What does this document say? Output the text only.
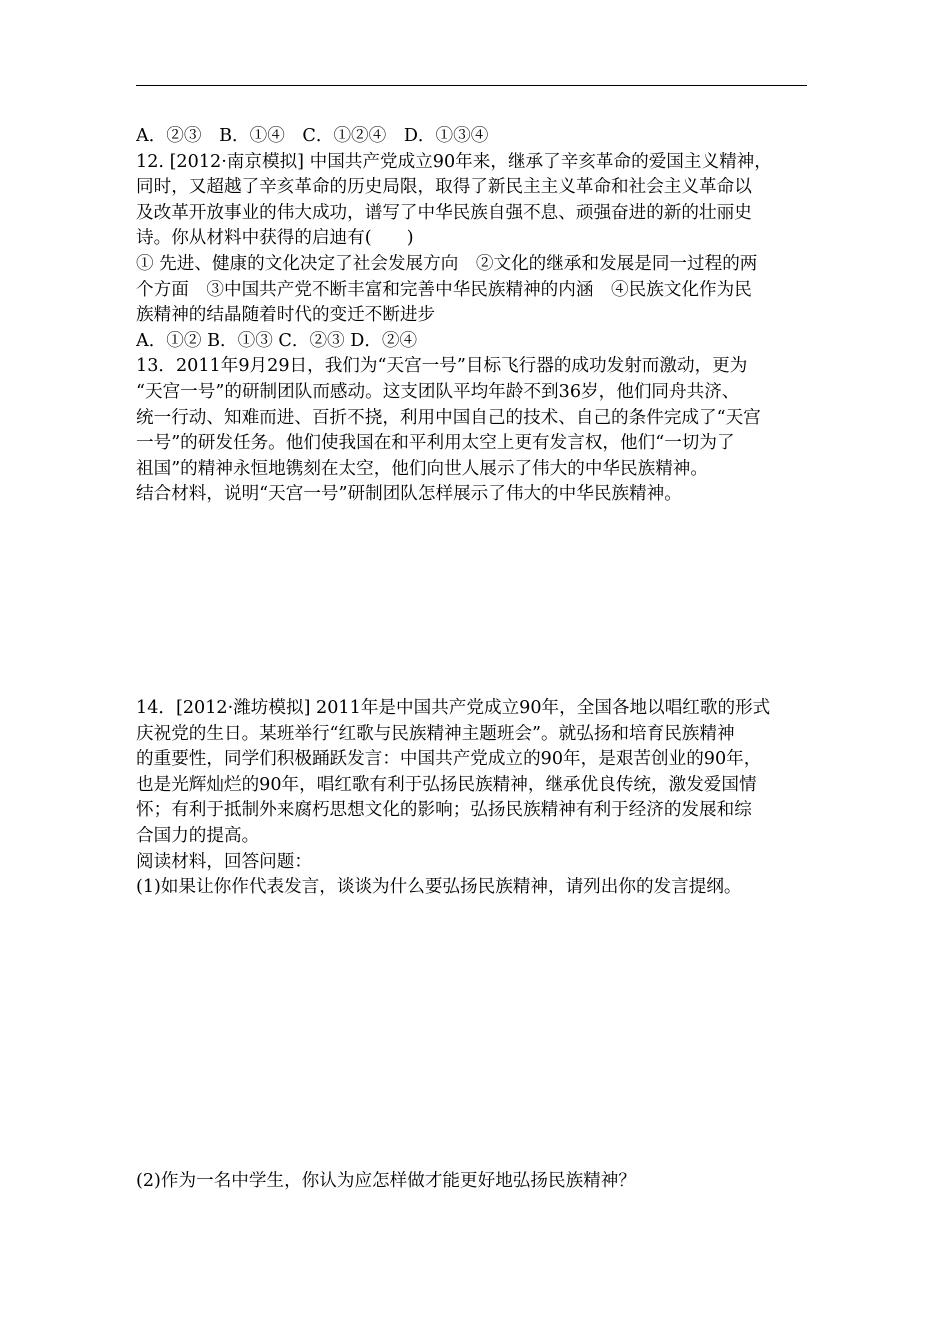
A．②③　B．①④　C．①②④　D．①③④
12. [2012·南京模拟] 中国共产党成立90年来，继承了辛亥革命的爱国主义精神，
同时，又超越了辛亥革命的历史局限，取得了新民主主义革命和社会主义革命以
及改革开放事业的伟大成功，谱写了中华民族自强不息、顽强奋进的新的壮丽史
诗。你从材料中获得的启迪有(　　)
① 先进、健康的文化决定了社会发展方向　②文化的继承和发展是同一过程的两
个方面　③中国共产党不断丰富和完善中华民族精神的内涵　④民族文化作为民
族精神的结晶随着时代的变迁不断进步
A．①② B．①③ C．②③ D．②④
13．2011年9月29日，我们为“天宫一号”目标飞行器的成功发射而激动，更为
“天宫一号”的研制团队而感动。这支团队平均年龄不到36岁，他们同舟共济、
统一行动、知难而进、百折不挠，利用中国自己的技术、自己的条件完成了“天宫
一号”的研发任务。他们使我国在和平利用太空上更有发言权，他们“一切为了
祖国”的精神永恒地镌刻在太空，他们向世人展示了伟大的中华民族精神。
结合材料，说明“天宫一号”研制团队怎样展示了伟大的中华民族精神。
14．[2012·潍坊模拟] 2011年是中国共产党成立90年，全国各地以唱红歌的形式
庆祝党的生日。某班举行“红歌与民族精神主题班会”。就弘扬和培育民族精神
的重要性，同学们积极踊跃发言：中国共产党成立的90年，是艰苦创业的90年，
也是光辉灿烂的90年，唱红歌有利于弘扬民族精神，继承优良传统，激发爱国情
怀；有利于抵制外来腐朽思想文化的影响；弘扬民族精神有利于经济的发展和综
合国力的提高。
阅读材料，回答问题：
(1)如果让你作代表发言，谈谈为什么要弘扬民族精神，请列出你的发言提纲。
(2)作为一名中学生，你认为应怎样做才能更好地弘扬民族精神？
